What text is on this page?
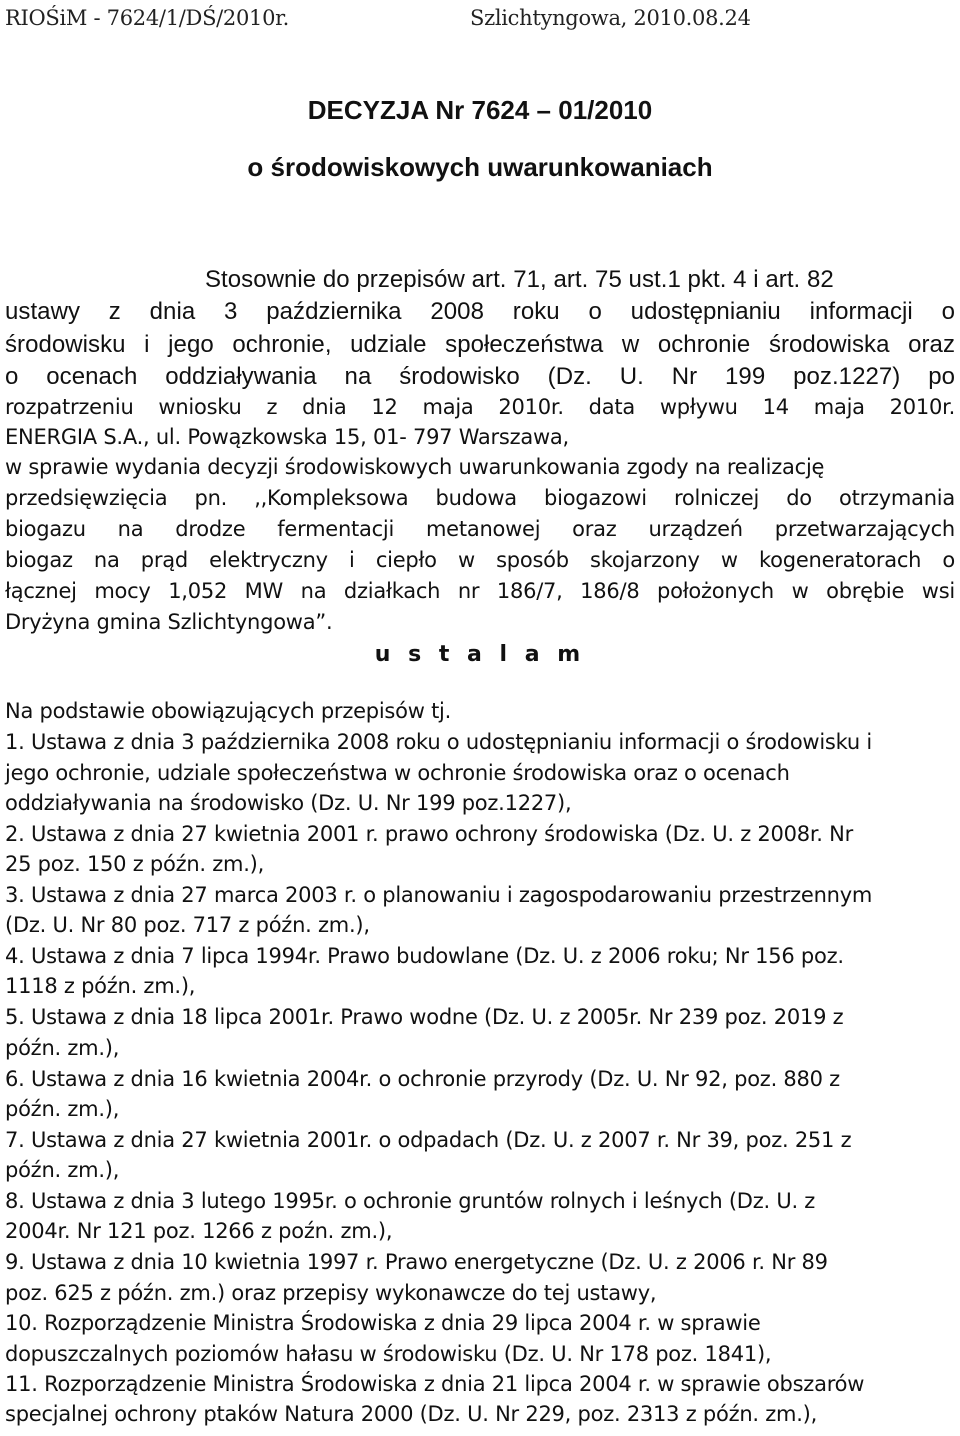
RIOŚiM - 7624/1/DŚ/2010r.	Szlichtyngowa, 2010.08.24
DECYZJA Nr 7624 – 01/2010
o środowiskowych uwarunkowaniach
Stosownie do przepisów art. 71, art. 75 ust.1 pkt. 4 i art. 82
ustawy z dnia 3 października 2008 roku o udostępnianiu informacji o
środowisku i jego ochronie, udziale społeczeństwa w ochronie środowiska oraz
o ocenach oddziaływania na środowisko (Dz. U. Nr 199 poz.1227) po
rozpatrzeniu wniosku z dnia 12 maja 2010r. data wpływu 14 maja 2010r.
ENERGIA S.A., ul. Powązkowska 15, 01- 797 Warszawa,
w sprawie wydania decyzji środowiskowych uwarunkowania zgody na realizację
przedsięwzięcia pn. ,,Kompleksowa budowa biogazowi rolniczej do otrzymania
biogazu na drodze fermentacji metanowej oraz urządzeń przetwarzających
biogaz na prąd elektryczny i ciepło w sposób skojarzony w kogeneratorach o
łącznej mocy 1,052 MW na działkach nr 186/7, 186/8 położonych w obrębie wsi
Dryżyna gmina Szlichtyngowa”.
u s t a l a m
Na podstawie obowiązujących przepisów tj.
1. Ustawa z dnia 3 października 2008 roku o udostępnianiu informacji o środowisku i
jego ochronie, udziale społeczeństwa w ochronie środowiska oraz o ocenach
oddziaływania na środowisko (Dz. U. Nr 199 poz.1227),
2. Ustawa z dnia 27 kwietnia 2001 r. prawo ochrony środowiska (Dz. U. z 2008r. Nr
25 poz. 150 z późn. zm.),
3. Ustawa z dnia 27 marca 2003 r. o planowaniu i zagospodarowaniu przestrzennym
(Dz. U. Nr 80 poz. 717 z późn. zm.),
4. Ustawa z dnia 7 lipca 1994r. Prawo budowlane (Dz. U. z 2006 roku; Nr 156 poz.
1118 z późn. zm.),
5. Ustawa z dnia 18 lipca 2001r. Prawo wodne (Dz. U. z 2005r. Nr 239 poz. 2019 z
późn. zm.),
6. Ustawa z dnia 16 kwietnia 2004r. o ochronie przyrody (Dz. U. Nr 92, poz. 880 z
późn. zm.),
7. Ustawa z dnia 27 kwietnia 2001r. o odpadach (Dz. U. z 2007 r. Nr 39, poz. 251 z
późn. zm.),
8. Ustawa z dnia 3 lutego 1995r. o ochronie gruntów rolnych i leśnych (Dz. U. z
2004r. Nr 121 poz. 1266 z poźn. zm.),
9. Ustawa z dnia 10 kwietnia 1997 r. Prawo energetyczne (Dz. U. z 2006 r. Nr 89
poz. 625 z późn. zm.) oraz przepisy wykonawcze do tej ustawy,
10. Rozporządzenie Ministra Środowiska z dnia 29 lipca 2004 r. w sprawie
dopuszczalnych poziomów hałasu w środowisku (Dz. U. Nr 178 poz. 1841),
11. Rozporządzenie Ministra Środowiska z dnia 21 lipca 2004 r. w sprawie obszarów
specjalnej ochrony ptaków Natura 2000 (Dz. U. Nr 229, poz. 2313 z późn. zm.),
